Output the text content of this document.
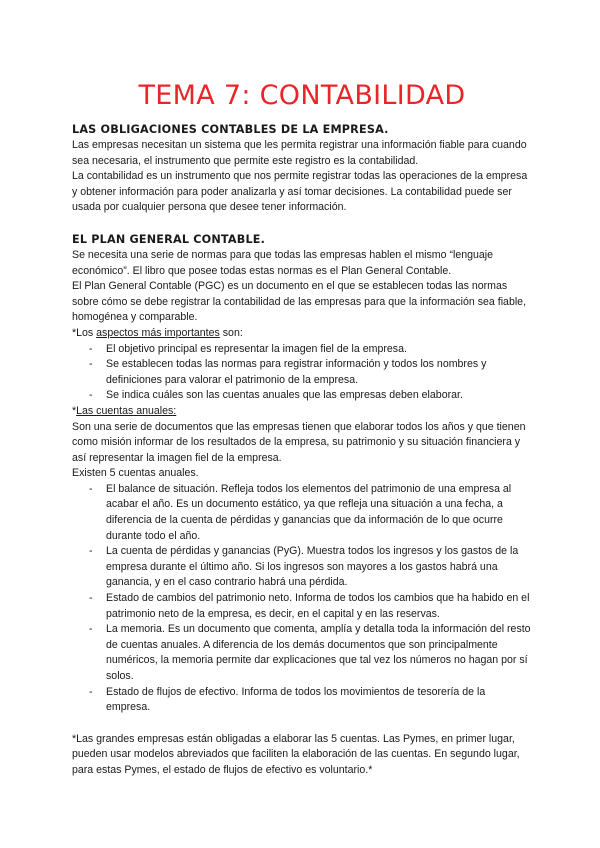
TEMA 7: CONTABILIDAD
LAS OBLIGACIONES CONTABLES DE LA EMPRESA.

Las empresas necesitan un sistema que les permita registrar una información fiable para cuando sea necesaria, el instrumento que permite este registro es la contabilidad.

La contabilidad es un instrumento que nos permite registrar todas las operaciones de la empresa y obtener información para poder analizarla y así tomar decisiones. La contabilidad puede ser usada por cualquier persona que desee tener información.

EL PLAN GENERAL CONTABLE.

Se necesita una serie de normas para que todas las empresas hablen el mismo “lenguaje económico”. El libro que posee todas estas normas es el Plan General Contable.

El Plan General Contable (PGC) es un documento en el que se establecen todas las normas sobre cómo se debe registrar la contabilidad de las empresas para que la información sea fiable, homogénea y comparable.

*Los aspectos más importantes son:

- El objetivo principal es representar la imagen fiel de la empresa.
- Se establecen todas las normas para registrar información y todos los nombres y definiciones para valorar el patrimonio de la empresa.
- Se indica cuáles son las cuentas anuales que las empresas deben elaborar.

*Las cuentas anuales:

Son una serie de documentos que las empresas tienen que elaborar todos los años y que tienen como misión informar de los resultados de la empresa, su patrimonio y su situación financiera y así representar la imagen fiel de la empresa.

Existen 5 cuentas anuales.

- El balance de situación. Refleja todos los elementos del patrimonio de una empresa al acabar el año. Es un documento estático, ya que refleja una situación a una fecha, a diferencia de la cuenta de pérdidas y ganancias que da información de lo que ocurre durante todo el año.
- La cuenta de pérdidas y ganancias (PyG). Muestra todos los ingresos y los gastos de la empresa durante el último año. Si los ingresos son mayores a los gastos habrá una ganancia, y en el caso contrario habrá una pérdida.
- Estado de cambios del patrimonio neto. Informa de todos los cambios que ha habido en el patrimonio neto de la empresa, es decir, en el capital y en las reservas.
- La memoria. Es un documento que comenta, amplía y detalla toda la información del resto de cuentas anuales. A diferencia de los demás documentos que son principalmente numéricos, la memoria permite dar explicaciones que tal vez los números no hagan por sí solos.
- Estado de flujos de efectivo. Informa de todos los movimientos de tesorería de la empresa.

*Las grandes empresas están obligadas a elaborar las 5 cuentas. Las Pymes, en primer lugar, pueden usar modelos abreviados que faciliten la elaboración de las cuentas. En segundo lugar, para estas Pymes, el estado de flujos de efectivo es voluntario.*
